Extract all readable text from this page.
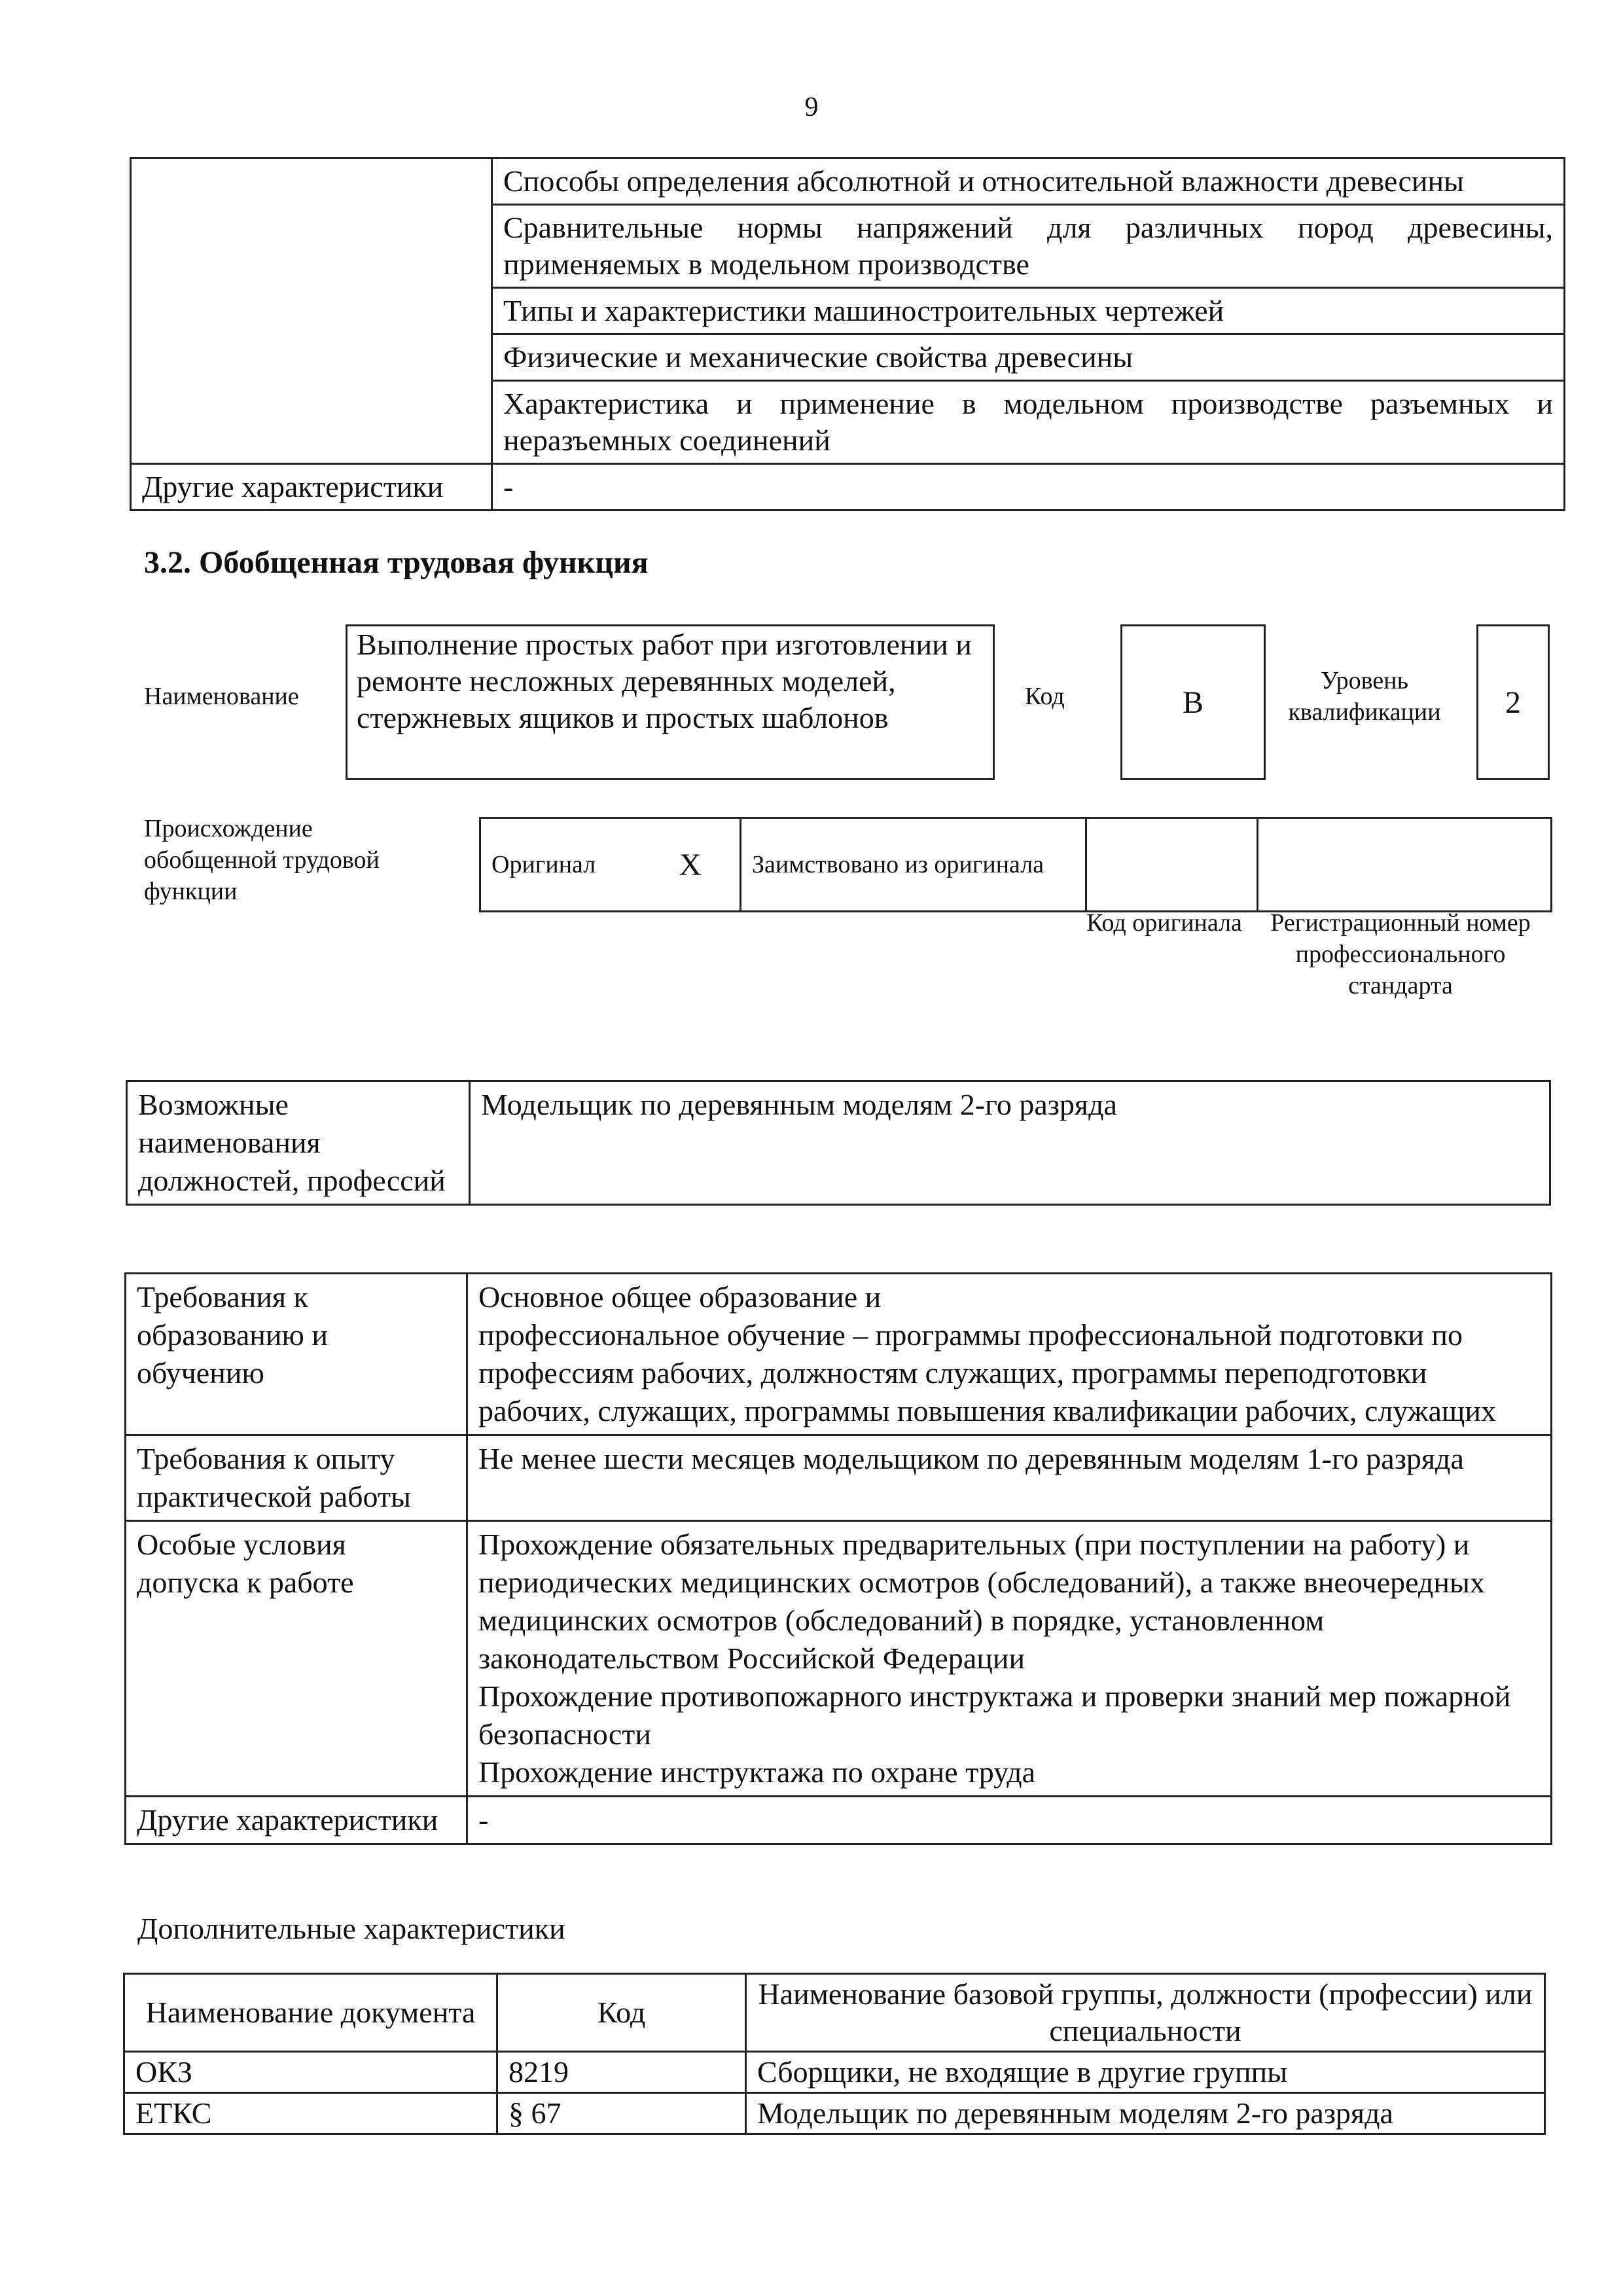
9
	Способы определения абсолютной и относительной влажности древесины
	Сравнительные нормы напряжений для различных пород древесины, применяемых в модельном производстве
	Типы и характеристики машиностроительных чертежей
	Физические и механические свойства древесины
	Характеристика и применение в модельном производстве разъемных и неразъемных соединений
Другие характеристики	-
3.2. Обобщенная трудовая функция
Наименование
Выполнение простых работ при изготовлении и ремонте несложных деревянных моделей, стержневых ящиков и простых шаблонов
Код	B
Уровень квалификации	2
Происхождение обобщенной трудовой функции
Оригинал	X	Заимствовано из оригинала		
Код оригинала	Регистрационный номер профессионального стандарта
Возможные наименования должностей, профессий	Модельщик по деревянным моделям 2-го разряда
Требования к образованию и обучению	Основное общее образование и
профессиональное обучение – программы профессиональной подготовки по профессиям рабочих, должностям служащих, программы переподготовки рабочих, служащих, программы повышения квалификации рабочих, служащих

Требования к опыту практической работы	Не менее шести месяцев модельщиком по деревянным моделям 1-го разряда
Особые условия допуска к работе	Прохождение обязательных предварительных (при поступлении на работу) и периодических медицинских осмотров (обследований), а также внеочередных медицинских осмотров (обследований) в порядке, установленном законодательством Российской Федерации
Прохождение противопожарного инструктажа и проверки знаний мер пожарной безопасности
Прохождение инструктажа по охране труда

Другие характеристики	-
Дополнительные характеристики
Наименование документа	Код	Наименование базовой группы, должности (профессии) или специальности
ОКЗ	8219	Сборщики, не входящие в другие группы
ЕТКС	§ 67	Модельщик по деревянным моделям 2-го разряда
